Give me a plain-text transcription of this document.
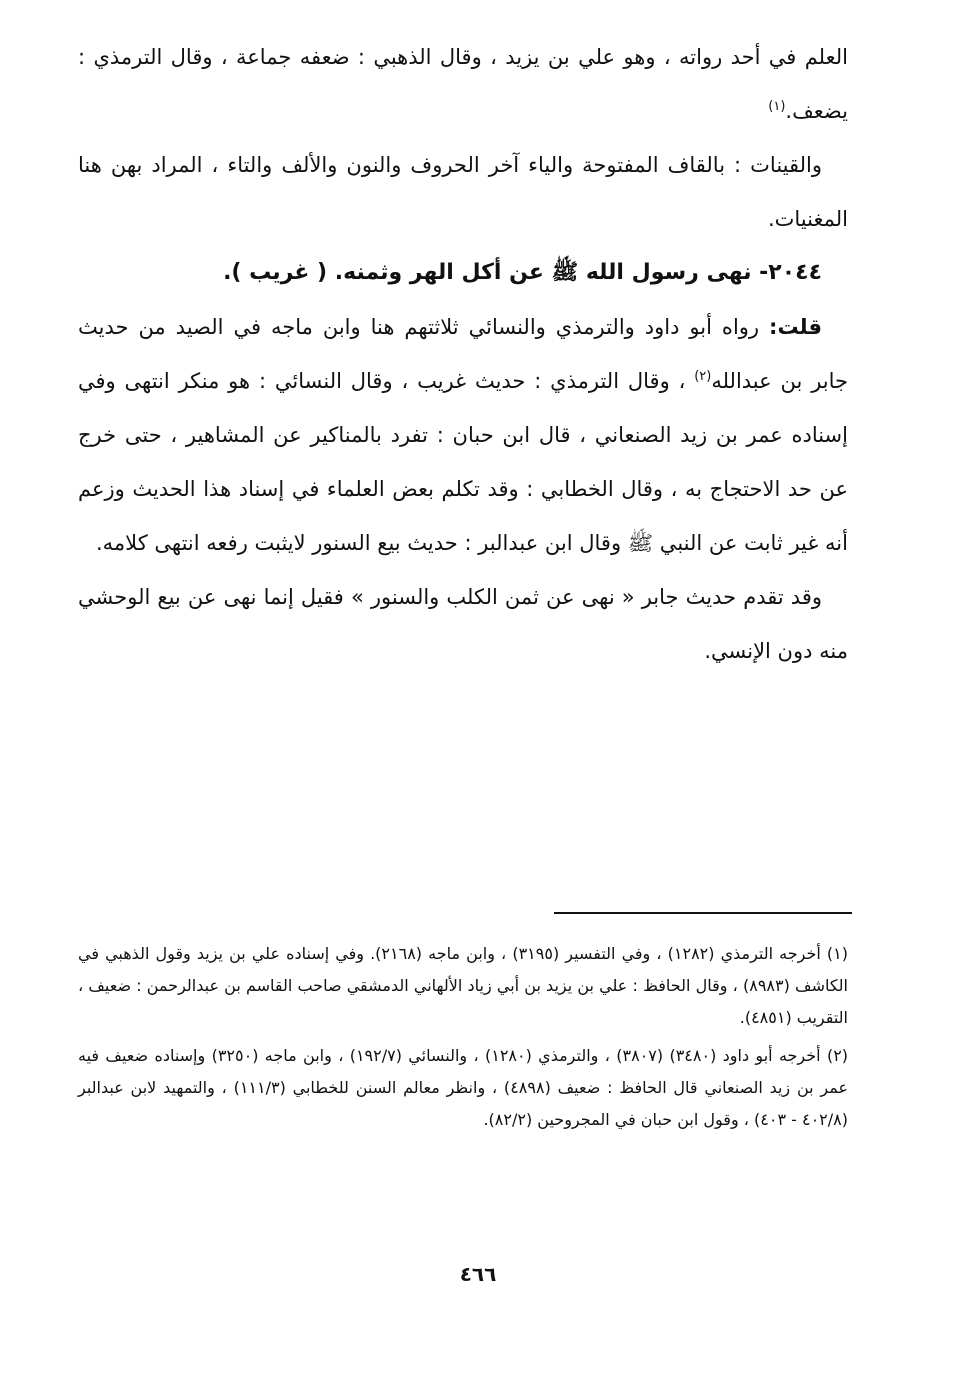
العلم في أحد رواته ، وهو علي بن يزيد ، وقال الذهبي : ضعفه جماعة ، وقال الترمذي : يضعف.$^{(١)}$

والقينات : بالقاف المفتوحة والياء آخر الحروف والنون والألف والتاء ، المراد بهن هنا المغنيات.

٢٠٤٤- نهى رسول الله ﷺ عن أكل الهر وثمنه. ( غريب ).

قلت: رواه أبو داود والترمذي والنسائي ثلاثتهم هنا وابن ماجه في الصيد من حديث جابر بن عبدالله$^{(٢)}$ ، وقال الترمذي : حديث غريب ، وقال النسائي : هو منكر انتهى وفي إسناده عمر بن زيد الصنعاني ، قال ابن حبان : تفرد بالمناكير عن المشاهير ، حتى خرج عن حد الاحتجاج به ، وقال الخطابي : وقد تكلم بعض العلماء في إسناد هذا الحديث وزعم أنه غير ثابت عن النبي ﷺ وقال ابن عبدالبر : حديث بيع السنور لايثبت رفعه انتهى كلامه.

وقد تقدم حديث جابر « نهى عن ثمن الكلب والسنور » فقيل إنما نهى عن بيع الوحشي منه دون الإنسي.

(١) أخرجه الترمذي (١٢٨٢) ، وفي التفسير (٣١٩٥) ، وابن ماجه (٢١٦٨). وفي إسناده علي بن يزيد وقول الذهبي في الكاشف (٨٩٨٣) ، وقال الحافظ : علي بن يزيد بن أبي زياد الألهاني الدمشقي صاحب القاسم بن عبدالرحمن : ضعيف ، التقريب (٤٨٥١).

(٢) أخرجه أبو داود (٣٤٨٠) (٣٨٠٧) ، والترمذي (١٢٨٠) ، والنسائي (١٩٢/٧) ، وابن ماجه (٣٢٥٠) وإسناده ضعيف فيه عمر بن زيد الصنعاني قال الحافظ : ضعيف (٤٨٩٨) ، وانظر معالم السنن للخطابي (١١١/٣) ، والتمهيد لابن عبدالبر (٤٠٢/٨ - ٤٠٣) ، وقول ابن حبان في المجروحين (٨٢/٢).

٤٦٦
